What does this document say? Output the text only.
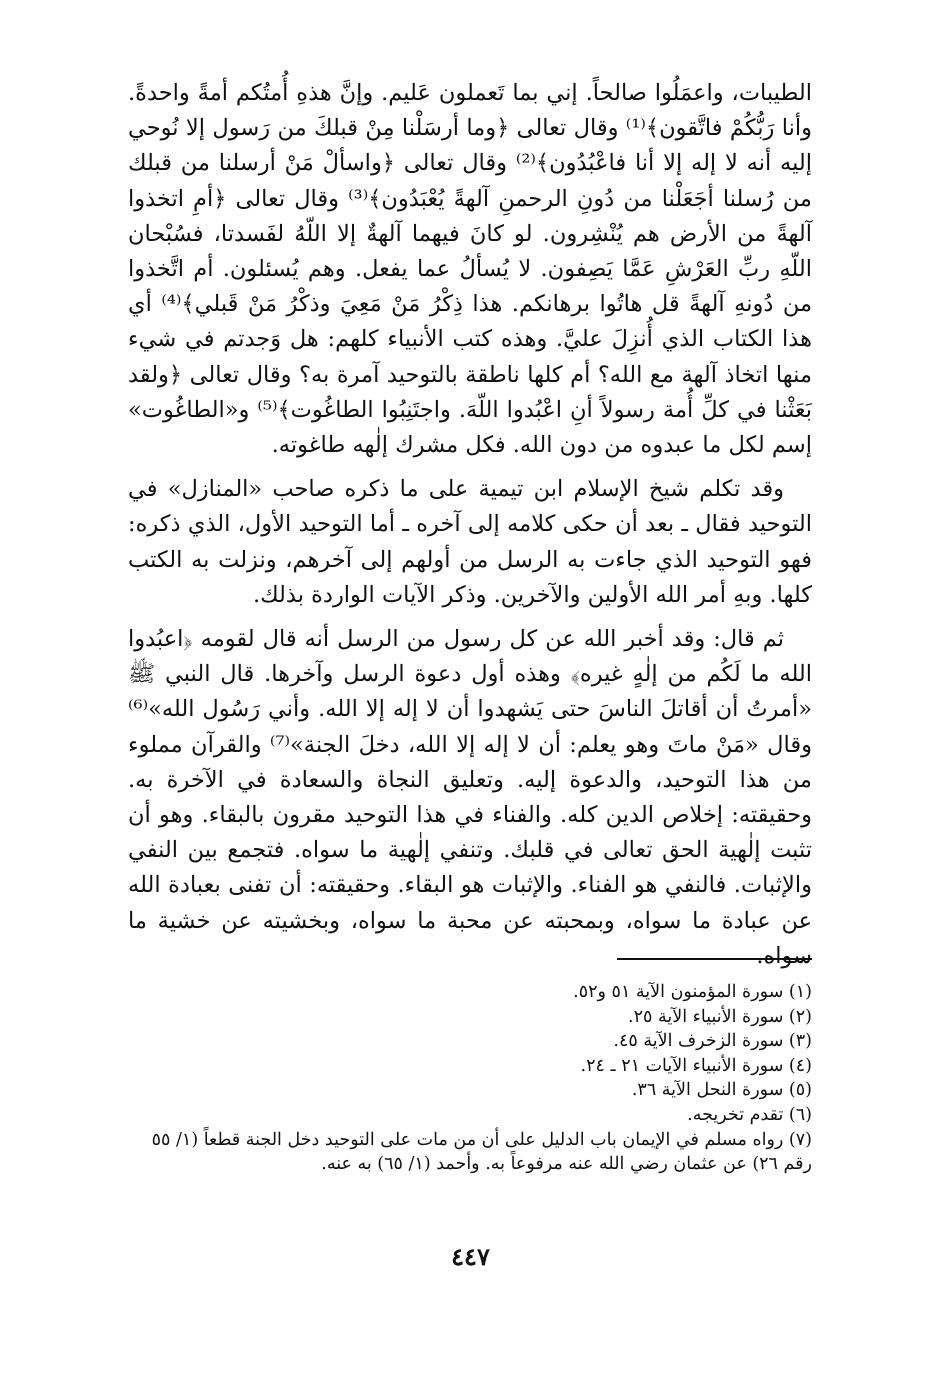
الطيبات، واعمَلُوا صالحاً. إني بما تَعملون عَليم. وإنَّ هذهِ أُمتُكم أمةً واحدةً. وأنا رَبُّكُمْ فاتَّقون﴾⁽¹⁾ وقال تعالى ﴿وما أرسَلْنا مِنْ قبلكَ من رَسول إلا نُوحي إليه أنه لا إله إلا أنا فاعْبُدُون﴾⁽²⁾ وقال تعالى ﴿واسألْ مَنْ أرسلنا من قبلك من رُسلنا أجَعَلْنا من دُونِ الرحمنِ آلهةً يُعْبَدُون﴾⁽³⁾ وقال تعالى ﴿أمِ اتخذوا آلهةً من الأرض هم يُنْشِرون. لو كانَ فيهما آلهةٌ إلا اللّهُ لفَسدتا، فسُبْحان اللّهِ ربِّ العَرْشِ عَمَّا يَصِفون. لا يُسألُ عما يفعل. وهم يُسئلون. أم اتَّخذوا من دُونهِ آلهةً قل هاتُوا برهانكم. هذا ذِكْرُ مَنْ مَعِيَ وذكْرُ مَنْ قَبلي﴾⁽⁴⁾ أي هذا الكتاب الذي أُنزِلَ عليَّ. وهذه كتب الأنبياء كلهم: هل وَجدتم في شيء منها اتخاذ آلهة مع الله؟ أم كلها ناطقة بالتوحيد آمرة به؟ وقال تعالى ﴿ولقد بَعَثْنا في كلِّ أُمة رسولاً أنِ اعْبُدوا اللّهَ. واجتَنِبُوا الطاغُوت﴾⁽⁵⁾ و«الطاغُوت» إسم لكل ما عبدوه من دون الله. فكل مشرك إلٰهه طاغوته.

وقد تكلم شيخ الإسلام ابن تيمية على ما ذكره صاحب «المنازل» في التوحيد فقال ـ بعد أن حكى كلامه إلى آخره ـ أما التوحيد الأول، الذي ذكره: فهو التوحيد الذي جاءت به الرسل من أولهم إلى آخرهم، ونزلت به الكتب كلها. وبهِ أمر الله الأولين والآخرين. وذكر الآيات الواردة بذلك.

ثم قال: وقد أخبر الله عن كل رسول من الرسل أنه قال لقومه ﴿اعبُدوا الله ما لَكُم من إلٰهٍ غيره﴾ وهذه أول دعوة الرسل وآخرها. قال النبي ﷺ «أمرتُ أن أقاتلَ الناسَ حتى يَشهدوا أن لا إله إلا الله. وأني رَسُول الله»⁽⁶⁾ وقال «مَنْ ماتَ وهو يعلم: أن لا إله إلا الله، دخلَ الجنة»⁽⁷⁾ والقرآن مملوء من هذا التوحيد، والدعوة إليه. وتعليق النجاة والسعادة في الآخرة به. وحقيقته: إخلاص الدين كله. والفناء في هذا التوحيد مقرون بالبقاء. وهو أن تثبت إلٰهية الحق تعالى في قلبك. وتنفي إلٰهية ما سواه. فتجمع بين النفي والإثبات. فالنفي هو الفناء. والإثبات هو البقاء. وحقيقته: أن تفنى بعبادة الله عن عبادة ما سواه، وبمحبته عن محبة ما سواه، وبخشيته عن خشية ما سواه.

(١) سورة المؤمنون الآية ٥١ و٥٢.
(٢) سورة الأنبياء الآية ٢٥.
(٣) سورة الزخرف الآية ٤٥.
(٤) سورة الأنبياء الآيات ٢١ ـ ٢٤.
(٥) سورة النحل الآية ٣٦.
(٦) تقدم تخريجه.
(٧) رواه مسلم في الإيمان باب الدليل على أن من مات على التوحيد دخل الجنة قطعاً (١/ ٥٥ رقم ٢٦) عن عثمان رضي الله عنه مرفوعاً به. وأحمد (١/ ٦٥) به عنه.
٤٤٧
